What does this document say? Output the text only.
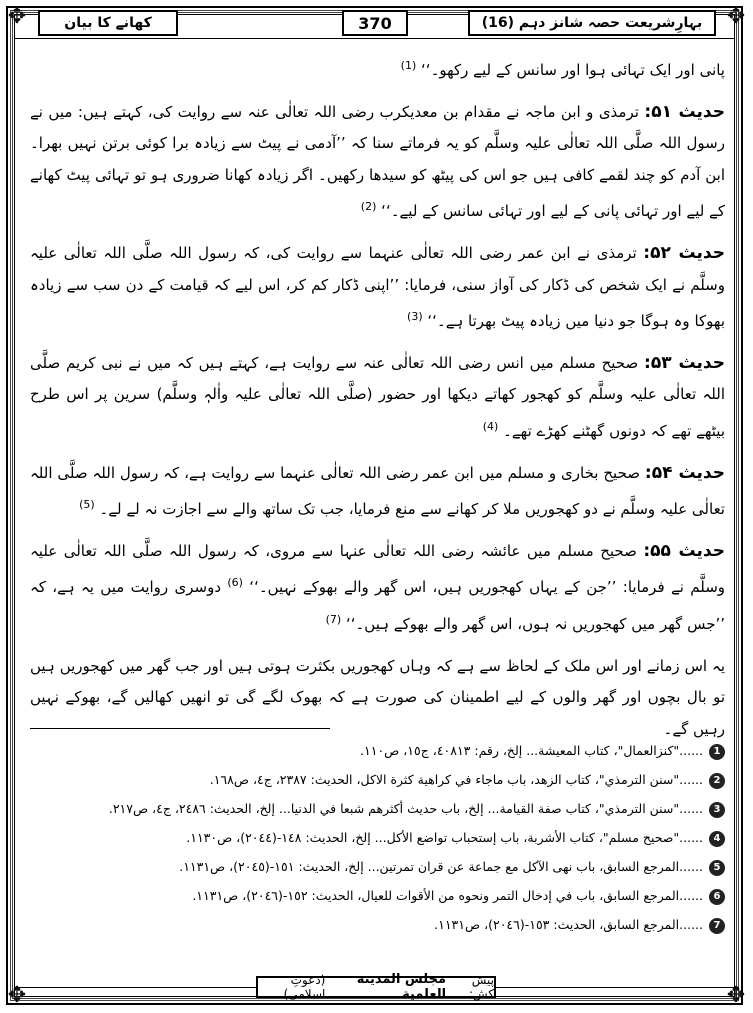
✥	✥
✥	✥
بہارِشریعت حصہ شانز دہم (16)
370
کھانے کا بیان

پانی اور ایک تہائی ہوا اور سانس کے لیے رکھو۔‘‘ $^{(1)}$

حدیث ۵۱: ترمذی و ابن ماجہ نے مقدام بن معدیکرب رضی اللہ تعالٰی عنہ سے روایت کی، کہتے ہیں: میں نے رسول اللہ صلَّی اللہ تعالٰی علیہ وسلَّم کو یہ فرماتے سنا کہ ’’آدمی نے پیٹ سے زیادہ برا کوئی برتن نہیں بھرا۔ ابن آدم کو چند لقمے کافی ہیں جو اس کی پیٹھ کو سیدھا رکھیں۔ اگر زیادہ کھانا ضروری ہو تو تہائی پیٹ کھانے کے لیے اور تہائی پانی کے لیے اور تہائی سانس کے لیے۔‘‘ $^{(2)}$

حدیث ۵۲: ترمذی نے ابن عمر رضی اللہ تعالٰی عنہما سے روایت کی، کہ رسول اللہ صلَّی اللہ تعالٰی علیہ وسلَّم نے ایک شخص کی ڈکار کی آواز سنی، فرمایا: ’’اپنی ڈکار کم کر، اس لیے کہ قیامت کے دن سب سے زیادہ بھوکا وہ ہوگا جو دنیا میں زیادہ پیٹ بھرتا ہے۔‘‘ $^{(3)}$

حدیث ۵۳: صحیح مسلم میں انس رضی اللہ تعالٰی عنہ سے روایت ہے، کہتے ہیں کہ میں نے نبی کریم صلَّی اللہ تعالٰی علیہ وسلَّم کو کھجور کھاتے دیکھا اور حضور (صلَّی اللہ تعالٰی علیہ واٰلہٖ وسلَّم) سرین پر اس طرح بیٹھے تھے کہ دونوں گھٹنے کھڑے تھے۔ $^{(4)}$

حدیث ۵۴: صحیح بخاری و مسلم میں ابن عمر رضی اللہ تعالٰی عنہما سے روایت ہے، کہ رسول اللہ صلَّی اللہ تعالٰی علیہ وسلَّم نے دو کھجوریں ملا کر کھانے سے منع فرمایا، جب تک ساتھ والے سے اجازت نہ لے لے۔ $^{(5)}$

حدیث ۵۵: صحیح مسلم میں عائشہ رضی اللہ تعالٰی عنہا سے مروی، کہ رسول اللہ صلَّی اللہ تعالٰی علیہ وسلَّم نے فرمایا: ’’جن کے یہاں کھجوریں ہیں، اس گھر والے بھوکے نہیں۔‘‘ $^{(6)}$ دوسری روایت میں یہ ہے، کہ ’’جس گھر میں کھجوریں نہ ہوں، اس گھر والے بھوکے ہیں۔‘‘ $^{(7)}$

یہ اس زمانے اور اس ملک کے لحاظ سے ہے کہ وہاں کھجوریں بکثرت ہوتی ہیں اور جب گھر میں کھجوریں ہیں تو بال بچوں اور گھر والوں کے لیے اطمینان کی صورت ہے کہ بھوک لگے گی تو انھیں کھالیں گے، بھوکے نہیں رہیں گے۔

1......"كنزالعمال"، كتاب المعيشة... إلخ، رقم: ٤٠٨١٣، ج١٥، ص١١٠.
2......"سنن الترمذي"، كتاب الزهد، باب ماجاء في كراهية كثرة الاكل، الحديث: ٢٣٨٧، ج٤، ص١٦٨.
3......"سنن الترمذي"، كتاب صفة القيامة... إلخ، باب حديث أكثرهم شبعا في الدنيا... إلخ، الحديث: ٢٤٨٦، ج٤، ص٢١٧.
4......"صحيح مسلم"، كتاب الأشربة، باب إستحباب تواضع الأكل... إلخ، الحديث: ١٤٨-(٢٠٤٤)، ص١١٣٠.
5......المرجع السابق، باب نهى الآكل مع جماعة عن قران تمرتين... إلخ، الحديث: ١٥١-(٢٠٤٥)، ص١١٣١.
6......المرجع السابق، باب في إدخال التمر ونحوه من الأقوات للعيال، الحديث: ١٥٢-(٢٠٤٦)، ص١١٣١.
7......المرجع السابق، الحديث: ١٥٣-(٢٠٤٦)، ص١١٣١.
پیش کش:
مجلس المدينة العلمية
(دعوتِ اسلامی)
